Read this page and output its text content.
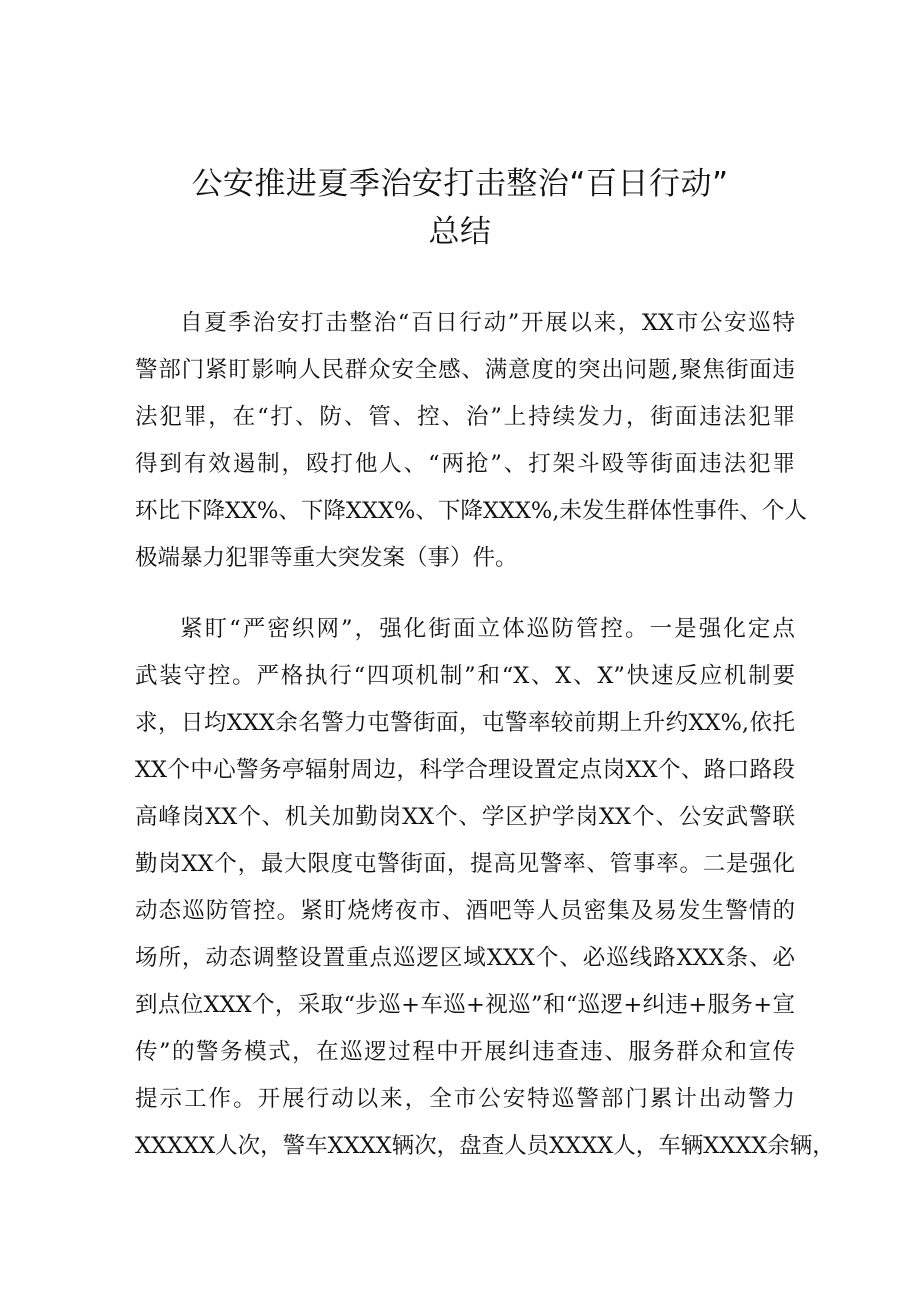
公安推进夏季治安打击整治“百日行动”
总结
自夏季治安打击整治“百日行动”开展以来，XX市公安巡特
警部门紧盯影响人民群众安全感、满意度的突出问题,聚焦街面违
法犯罪，在“打、防、管、控、治”上持续发力，街面违法犯罪
得到有效遏制，殴打他人、“两抢”、打架斗殴等街面违法犯罪
环比下降XX%、下降XXX%、下降XXX%,未发生群体性事件、个人
极端暴力犯罪等重大突发案（事）件。
紧盯“严密织网”，强化街面立体巡防管控。一是强化定点
武装守控。严格执行“四项机制”和“X、X、X”快速反应机制要
求，日均XXX余名警力屯警街面，屯警率较前期上升约XX%,依托
XX个中心警务亭辐射周边，科学合理设置定点岗XX个、路口路段
高峰岗XX个、机关加勤岗XX个、学区护学岗XX个、公安武警联
勤岗XX个，最大限度屯警街面，提高见警率、管事率。二是强化
动态巡防管控。紧盯烧烤夜市、酒吧等人员密集及易发生警情的
场所，动态调整设置重点巡逻区域XXX个、必巡线路XXX条、必
到点位XXX个，采取“步巡+车巡+视巡”和“巡逻+纠违+服务+宣
传”的警务模式，在巡逻过程中开展纠违查违、服务群众和宣传
提示工作。开展行动以来，全市公安特巡警部门累计出动警力
XXXXX人次，警车XXXX辆次，盘查人员XXXX人，车辆XXXX余辆，
